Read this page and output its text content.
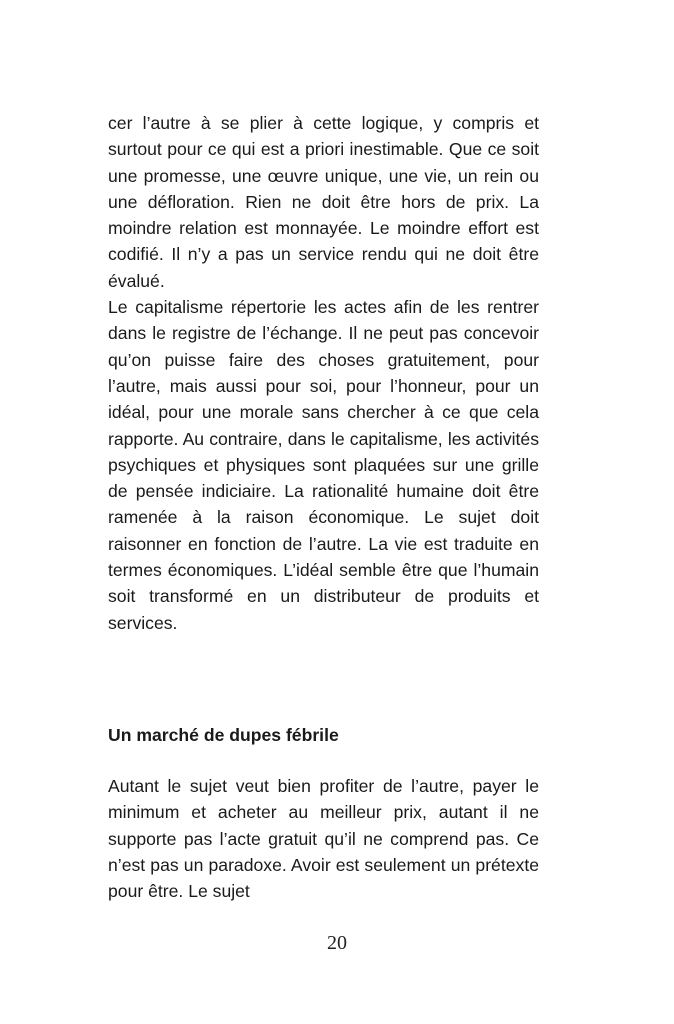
cer l’autre à se plier à cette logique, y compris et surtout pour ce qui est a priori inestimable. Que ce soit une promesse, une œuvre unique, une vie, un rein ou une défloration. Rien ne doit être hors de prix. La moindre relation est monnayée. Le moindre effort est codifié. Il n’y a pas un service rendu qui ne doit être évalué.

Le capitalisme répertorie les actes afin de les rentrer dans le registre de l’échange. Il ne peut pas concevoir qu’on puisse faire des choses gratuitement, pour l’autre, mais aussi pour soi, pour l’honneur, pour un idéal, pour une morale sans chercher à ce que cela rapporte. Au contraire, dans le capitalisme, les activités psychiques et physiques sont plaquées sur une grille de pensée indiciaire. La rationalité humaine doit être ramenée à la raison économique. Le sujet doit raisonner en fonction de l’autre. La vie est traduite en termes économiques. L’idéal semble être que l’humain soit transformé en un distributeur de produits et services.

Un marché de dupes fébrile

Autant le sujet veut bien profiter de l’autre, payer le minimum et acheter au meilleur prix, autant il ne supporte pas l’acte gratuit qu’il ne comprend pas. Ce n’est pas un paradoxe. Avoir est seulement un prétexte pour être. Le sujet

20
